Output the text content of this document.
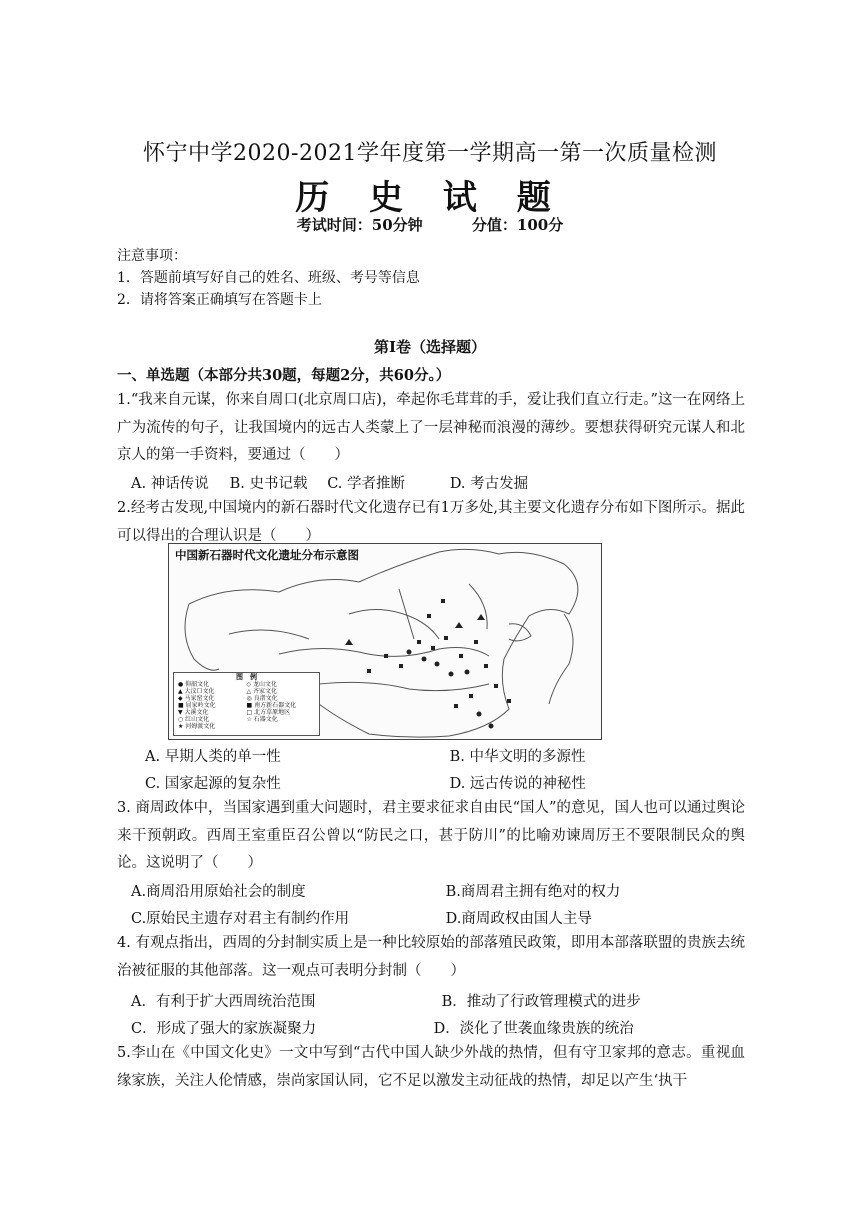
怀宁中学2020-2021学年度第一学期高一第一次质量检测
历 史 试 题
考试时间：50分钟	分值：100分
注意事项：
1．答题前填写好自己的姓名、班级、考号等信息
2．请将答案正确填写在答题卡上
第Ⅰ卷（选择题）
一、单选题（本部分共30题，每题2分，共60分。）
1.“我来自元谋，你来自周口(北京周口店)，牵起你毛茸茸的手，爱让我们直立行走。”这一在网络上广为流传的句子，让我国境内的远古人类蒙上了一层神秘而浪漫的薄纱。要想获得研究元谋人和北京人的第一手资料，要通过（　　）
A. 神话传说 B. 史书记载 C. 学者推断	D. 考古发掘
2.经考古发现,中国境内的新石器时代文化遗存已有1万多处,其主要文化遗存分布如下图所示。据此可以得出的合理认识是（　　）
中国新石器时代文化遗址分布示意图
图　例
● 仰韶文化
▲ 大汶口文化
◆ 马家窑文化
■ 屈家岭文化
▼ 大溪文化
○ 红山文化
★ 河姆渡文化
◇ 龙山文化
△ 齐家文化
◎ 良渚文化
■ 南方新石器文化
□ 北方草原地区
☆ 石器文化
A. 早期人类的单一性	B. 中华文明的多源性
C. 国家起源的复杂性	D. 远古传说的神秘性
3. 商周政体中，当国家遇到重大问题时，君主要求征求自由民“国人”的意见，国人也可以通过舆论来干预朝政。西周王室重臣召公曾以“防民之口，甚于防川”的比喻劝谏周厉王不要限制民众的舆论。这说明了（　　）
A.商周沿用原始社会的制度	B.商周君主拥有绝对的权力
C.原始民主遗存对君主有制约作用	D.商周政权由国人主导
4. 有观点指出，西周的分封制实质上是一种比较原始的部落殖民政策，即用本部落联盟的贵族去统治被征服的其他部落。这一观点可表明分封制（　　）
A．有利于扩大西周统治范围	B．推动了行政管理模式的进步
C．形成了强大的家族凝聚力	D．淡化了世袭血缘贵族的统治
5.李山在《中国文化史》一文中写到“古代中国人缺少外战的热情，但有守卫家邦的意志。重视血缘家族，关注人伦情感，崇尚家国认同，它不足以激发主动征战的热情，却足以产生‘执干
